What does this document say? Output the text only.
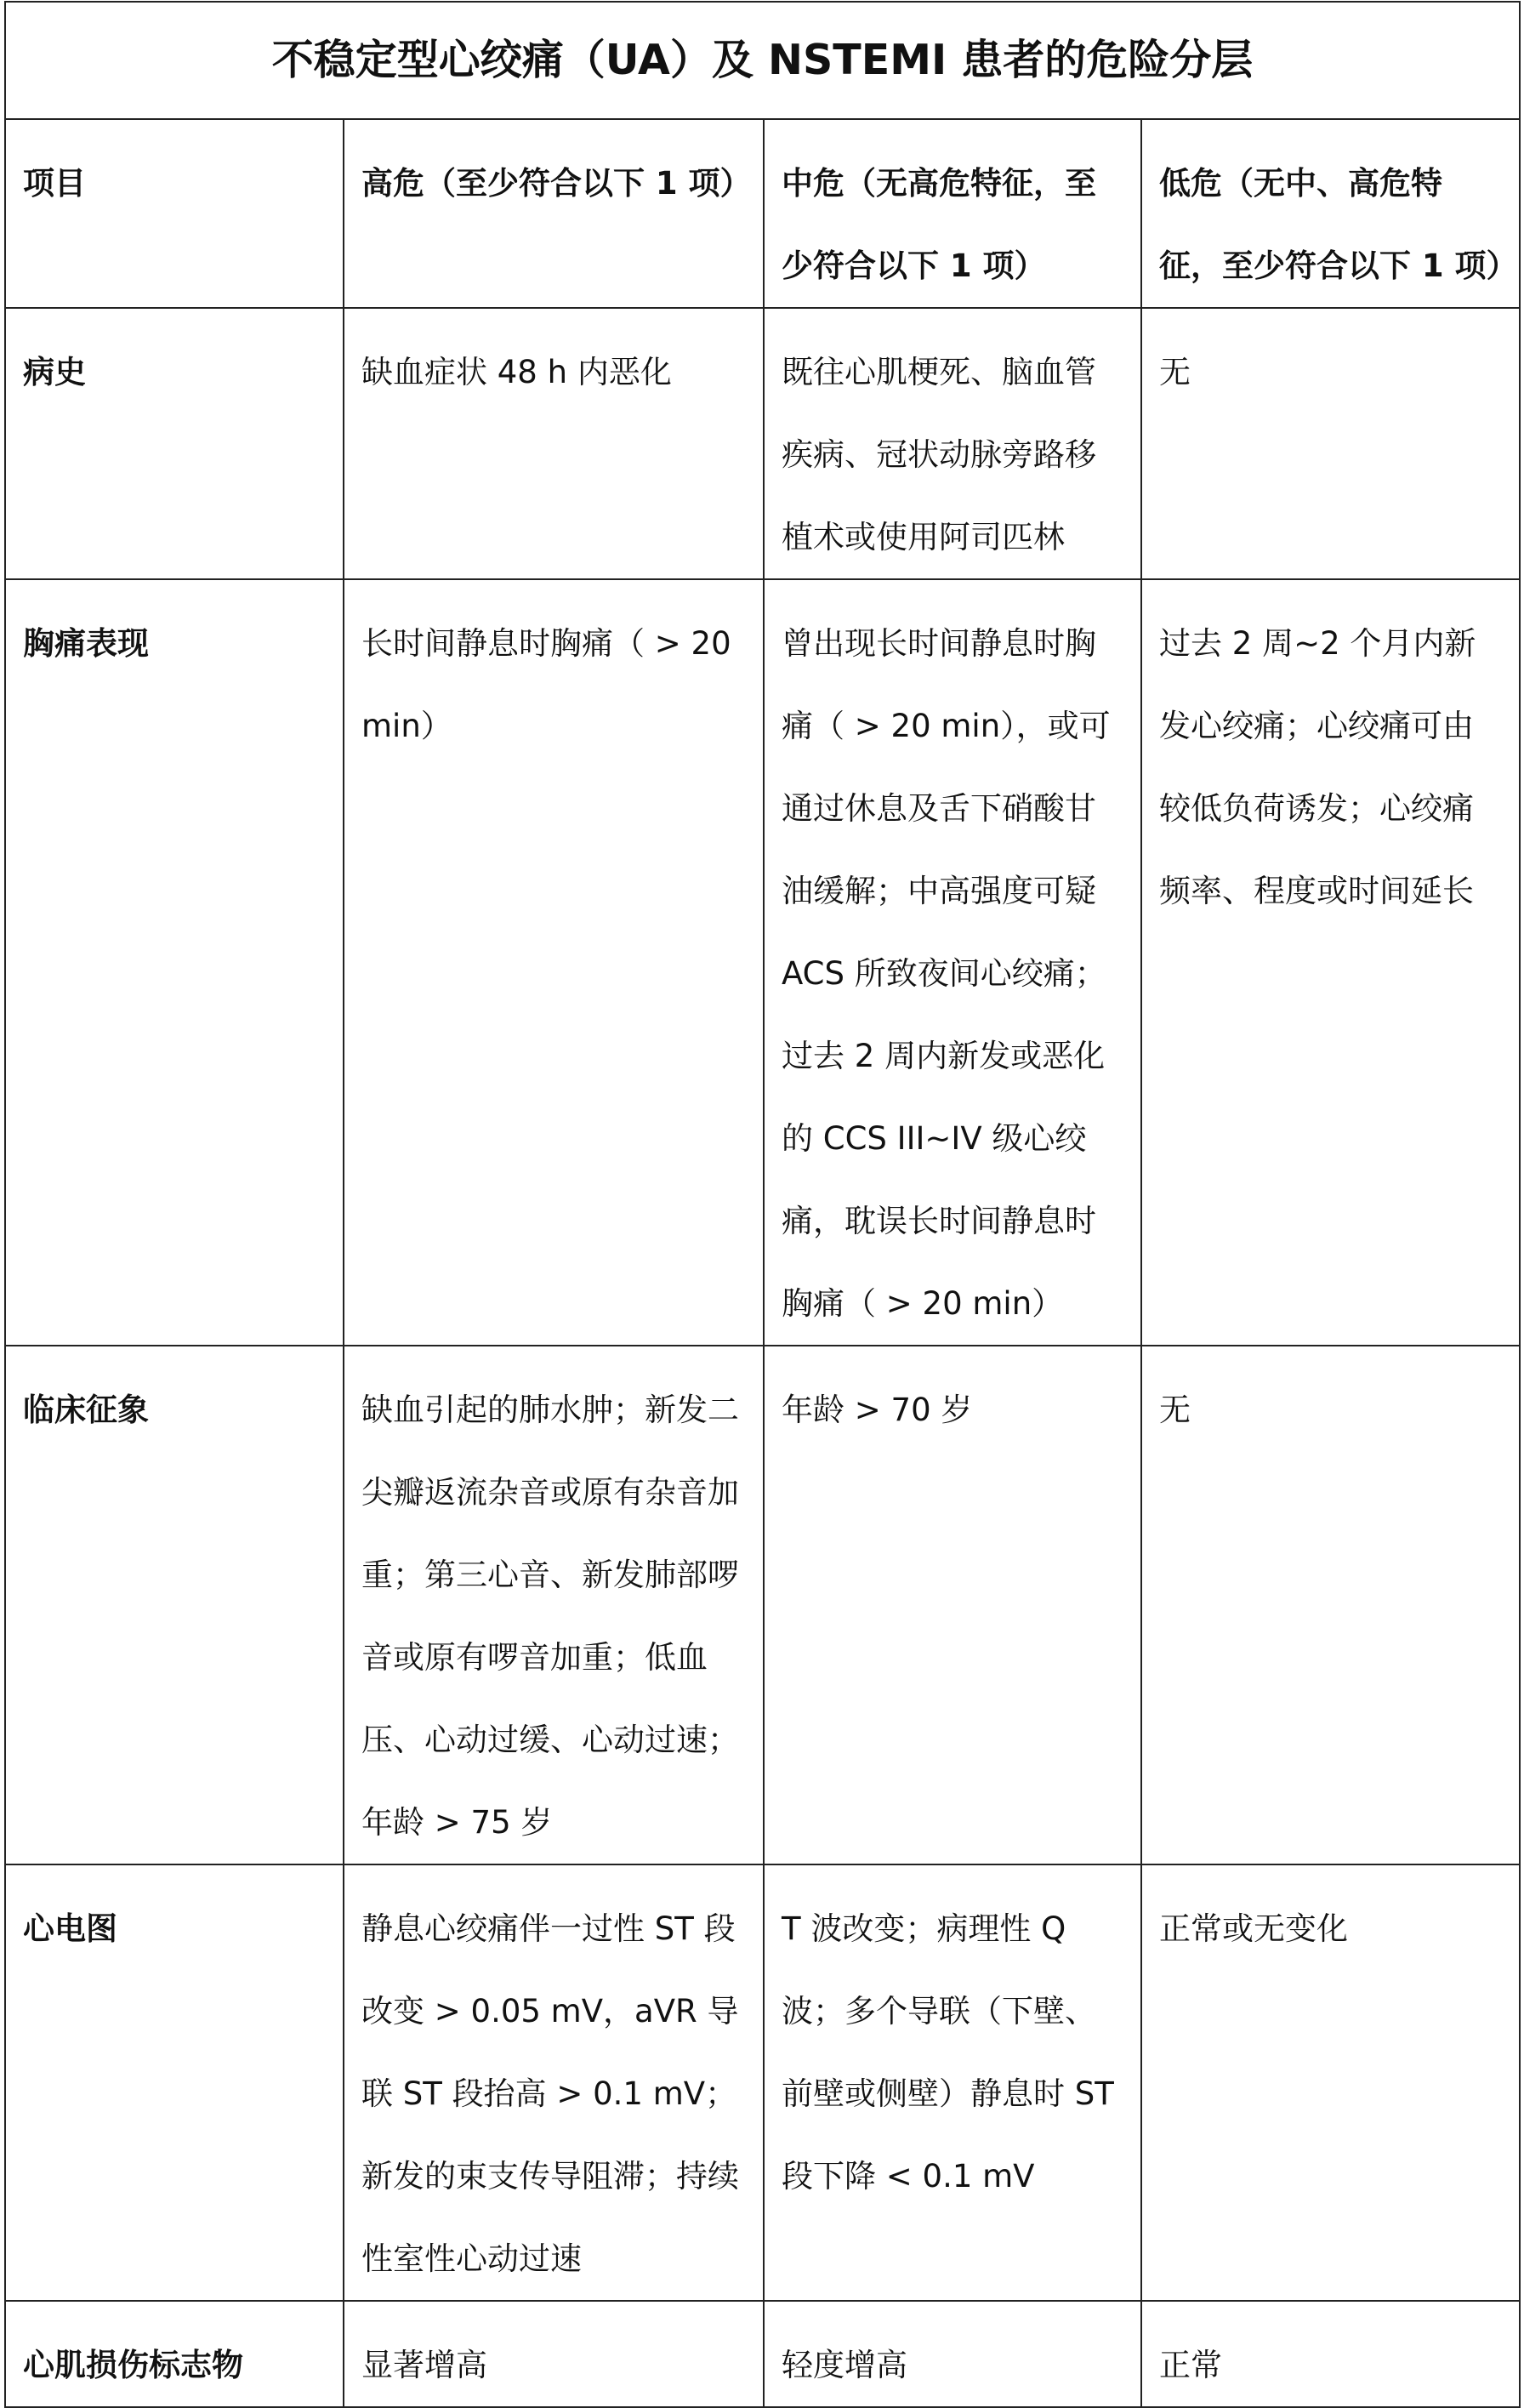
不稳定型心绞痛（UA）及 NSTEMI 患者的危险分层			
项目	高危（至少符合以下 1 项）	中危（无高危特征，至少符合以下 1 项）	低危（无中、高危特征，至少符合以下 1 项）
病史	缺血症状 48 h 内恶化	既往心肌梗死、脑血管疾病、冠状动脉旁路移植术或使用阿司匹林	无
胸痛表现	长时间静息时胸痛（ > 20 min）	曾出现长时间静息时胸痛（ > 20 min），或可通过休息及舌下硝酸甘油缓解；中高强度可疑 ACS 所致夜间心绞痛；过去 2 周内新发或恶化的 CCS III~IV 级心绞痛，耽误长时间静息时胸痛（ > 20 min）	过去 2 周~2 个月内新发心绞痛；心绞痛可由较低负荷诱发；心绞痛频率、程度或时间延长
临床征象	缺血引起的肺水肿；新发二尖瓣返流杂音或原有杂音加重；第三心音、新发肺部啰音或原有啰音加重；低血压、心动过缓、心动过速；年龄 > 75 岁	年龄 > 70 岁	无
心电图	静息心绞痛伴一过性 ST 段改变 > 0.05 mV，aVR 导联 ST 段抬高 > 0.1 mV；新发的束支传导阻滞；持续性室性心动过速	T 波改变；病理性 Q 波；多个导联（下壁、前壁或侧壁）静息时 ST 段下降 < 0.1 mV	正常或无变化
心肌损伤标志物	显著增高	轻度增高	正常
